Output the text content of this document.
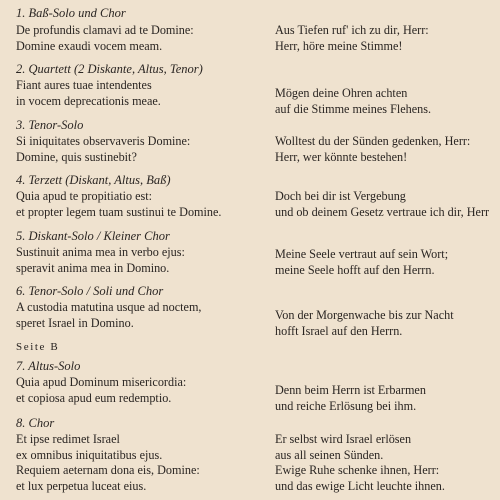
1. Baß-Solo und Chor
De profundis clamavi ad te Domine:
Domine exaudi vocem meam.
Aus Tiefen ruf' ich zu dir, Herr:
Herr, höre meine Stimme!
2. Quartett (2 Diskante, Altus, Tenor)
Fiant aures tuae intendentes
in vocem deprecationis meae.
Mögen deine Ohren achten
auf die Stimme meines Flehens.
3. Tenor-Solo
Si iniquitates observaveris Domine:
Domine, quis sustinebit?
Wolltest du der Sünden gedenken, Herr:
Herr, wer könnte bestehen!
4. Terzett (Diskant, Altus, Baß)
Quia apud te propitiatio est:
et propter legem tuam sustinui te Domine.
Doch bei dir ist Vergebung
und ob deinem Gesetz vertraue ich dir, Herr
5. Diskant-Solo / Kleiner Chor
Sustinuit anima mea in verbo ejus:
speravit anima mea in Domino.
Meine Seele vertraut auf sein Wort;
meine Seele hofft auf den Herrn.
6. Tenor-Solo / Soli und Chor
A custodia matutina usque ad noctem,
speret Israel in Domino.
Von der Morgenwache bis zur Nacht
hofft Israel auf den Herrn.
Seite B
7. Altus-Solo
Quia apud Dominum misericordia:
et copiosa apud eum redemptio.
Denn beim Herrn ist Erbarmen
und reiche Erlösung bei ihm.
8. Chor
Et ipse redimet Israel
ex omnibus iniquitatibus ejus.
Requiem aeternam dona eis, Domine:
et lux perpetua luceat eius.
Er selbst wird Israel erlösen
aus all seinen Sünden.
Ewige Ruhe schenke ihnen, Herr:
und das ewige Licht leuchte ihnen.
